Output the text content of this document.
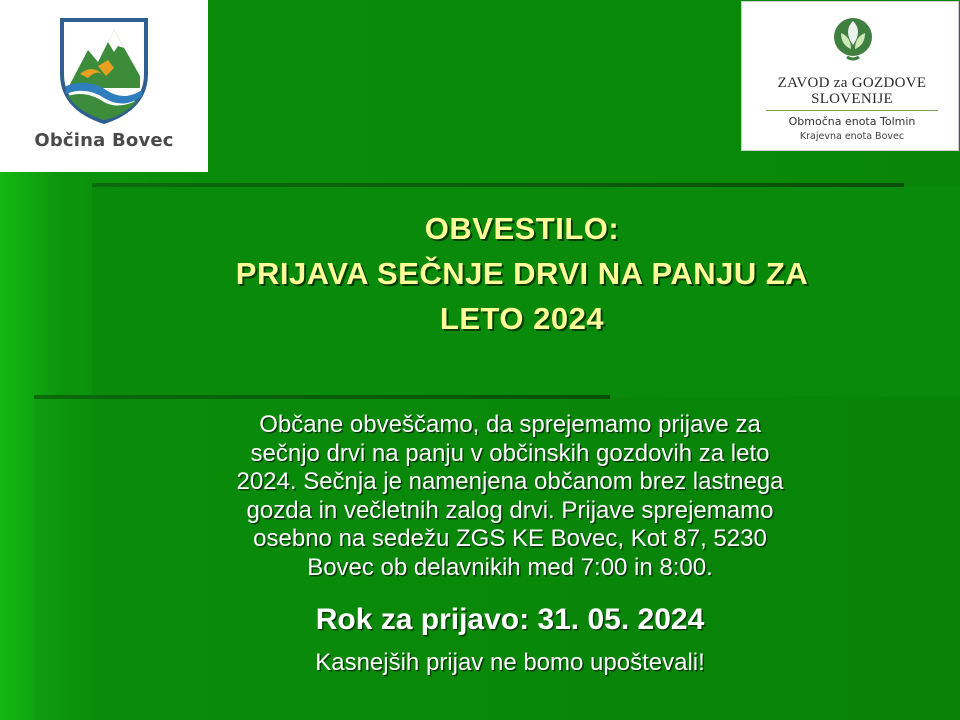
Občina Bovec
ZAVOD za GOZDOVE
SLOVENIJE
Območna enota Tolmin
Krajevna enota Bovec
OBVESTILO:
PRIJAVA SEČNJE DRVI NA PANJU ZA
LETO 2024
Občane obveščamo, da sprejemamo prijave za
sečnjo drvi na panju v občinskih gozdovih za leto
2024. Sečnja je namenjena občanom brez lastnega
gozda in večletnih zalog drvi. Prijave sprejemamo
osebno na sedežu ZGS KE Bovec, Kot 87, 5230
Bovec ob delavnikih med 7:00 in 8:00.
Rok za prijavo: 31. 05. 2024
Kasnejših prijav ne bomo upoštevali!
